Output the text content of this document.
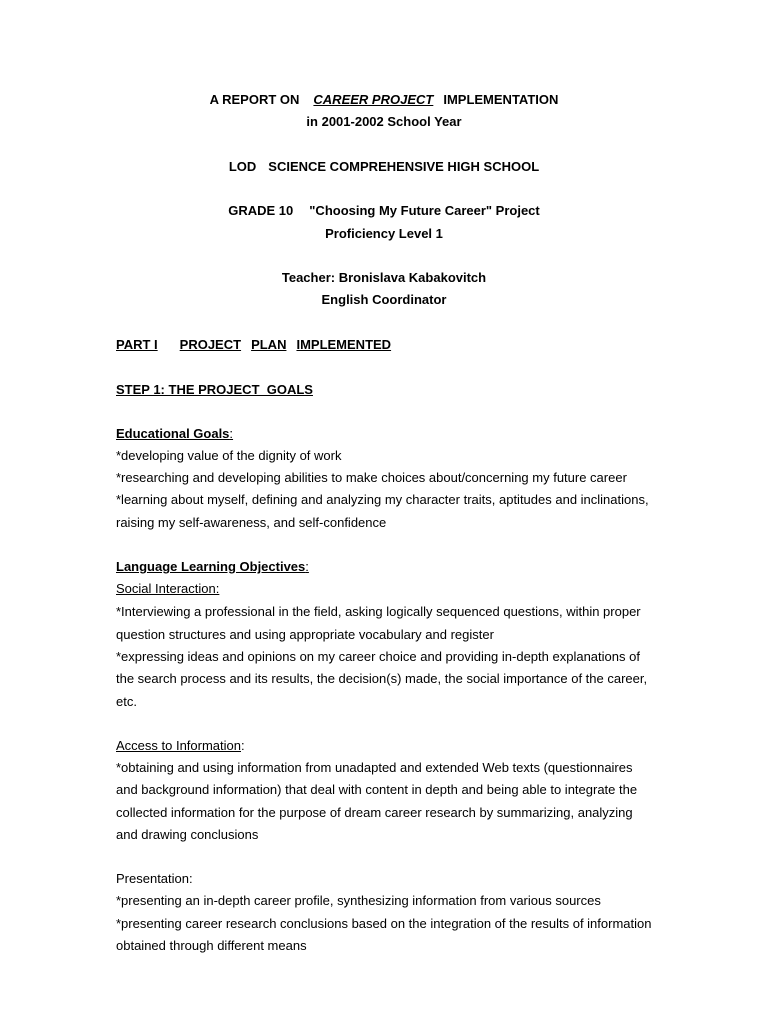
A REPORT ON CAREER PROJECT IMPLEMENTATION
in 2001-2002 School Year
LOD SCIENCE COMPREHENSIVE HIGH SCHOOL
GRADE 10 "Choosing My Future Career" Project
Proficiency Level 1
Teacher: Bronislava Kabakovitch
English Coordinator
PART I PROJECT PLAN IMPLEMENTED
STEP 1: THE PROJECT  GOALS
Educational Goals:
*developing value of the dignity of work
*researching and developing abilities to make choices about/concerning my future career
*learning about myself, defining and analyzing my character traits, aptitudes and inclinations,
raising my self-awareness, and self-confidence
Language Learning Objectives:
Social Interaction:
*Interviewing a professional in the field, asking logically sequenced questions, within proper
question structures and using appropriate vocabulary and register
*expressing ideas and opinions on my career choice and providing in-depth explanations of
the search process and its results, the decision(s) made, the social importance of the career,
etc.
Access to Information:
*obtaining and using information from unadapted and extended Web texts (questionnaires
and background information) that deal with content in depth and being able to integrate the
collected information for the purpose of dream career research by summarizing, analyzing
and drawing conclusions
Presentation:
*presenting an in-depth career profile, synthesizing information from various sources
*presenting career research conclusions based on the integration of the results of information
obtained through different means
